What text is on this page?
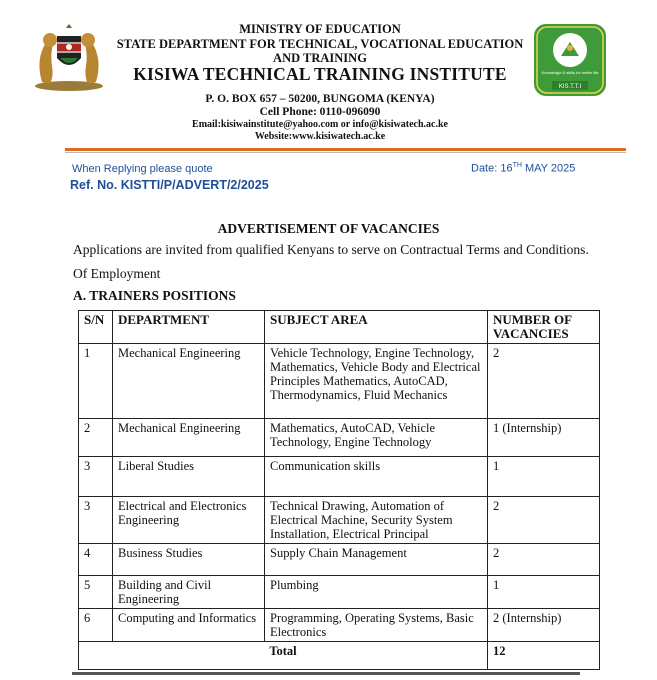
MINISTRY OF EDUCATION
STATE DEPARTMENT FOR TECHNICAL, VOCATIONAL EDUCATION
AND TRAINING
KISIWA TECHNICAL TRAINING INSTITUTE
P. O. BOX 657 – 50200, BUNGOMA (KENYA)
Cell Phone: 0110-096090
Email:kisiwainstitute@yahoo.com or info@kisiwatech.ac.ke
Website:www.kisiwatech.ac.ke
Knowledge & skills for better life
KIS.T.T.I
When Replying please quote
Ref. No. KISTTI/P/ADVERT/2/2025
Date: 16TH MAY 2025
ADVERTISEMENT OF VACANCIES
Applications are invited from qualified Kenyans to serve on Contractual Terms and Conditions.
Of Employment
A. TRAINERS POSITIONS
S/N	DEPARTMENT	SUBJECT AREA	NUMBER OF VACANCIES
1	Mechanical Engineering	Vehicle Technology, Engine Technology, Mathematics, Vehicle Body and Electrical Principles Mathematics, AutoCAD, Thermodynamics, Fluid Mechanics	2
2	Mechanical Engineering	Mathematics, AutoCAD, Vehicle Technology, Engine Technology	1 (Internship)
3	Liberal Studies	Communication skills	1
3	Electrical and Electronics Engineering	Technical Drawing, Automation of Electrical Machine, Security System Installation, Electrical Principal	2
4	Business Studies	Supply Chain Management	2
5	Building and Civil Engineering	Plumbing	1
6	Computing and Informatics	Programming, Operating Systems, Basic Electronics	2 (Internship)
Total			12
